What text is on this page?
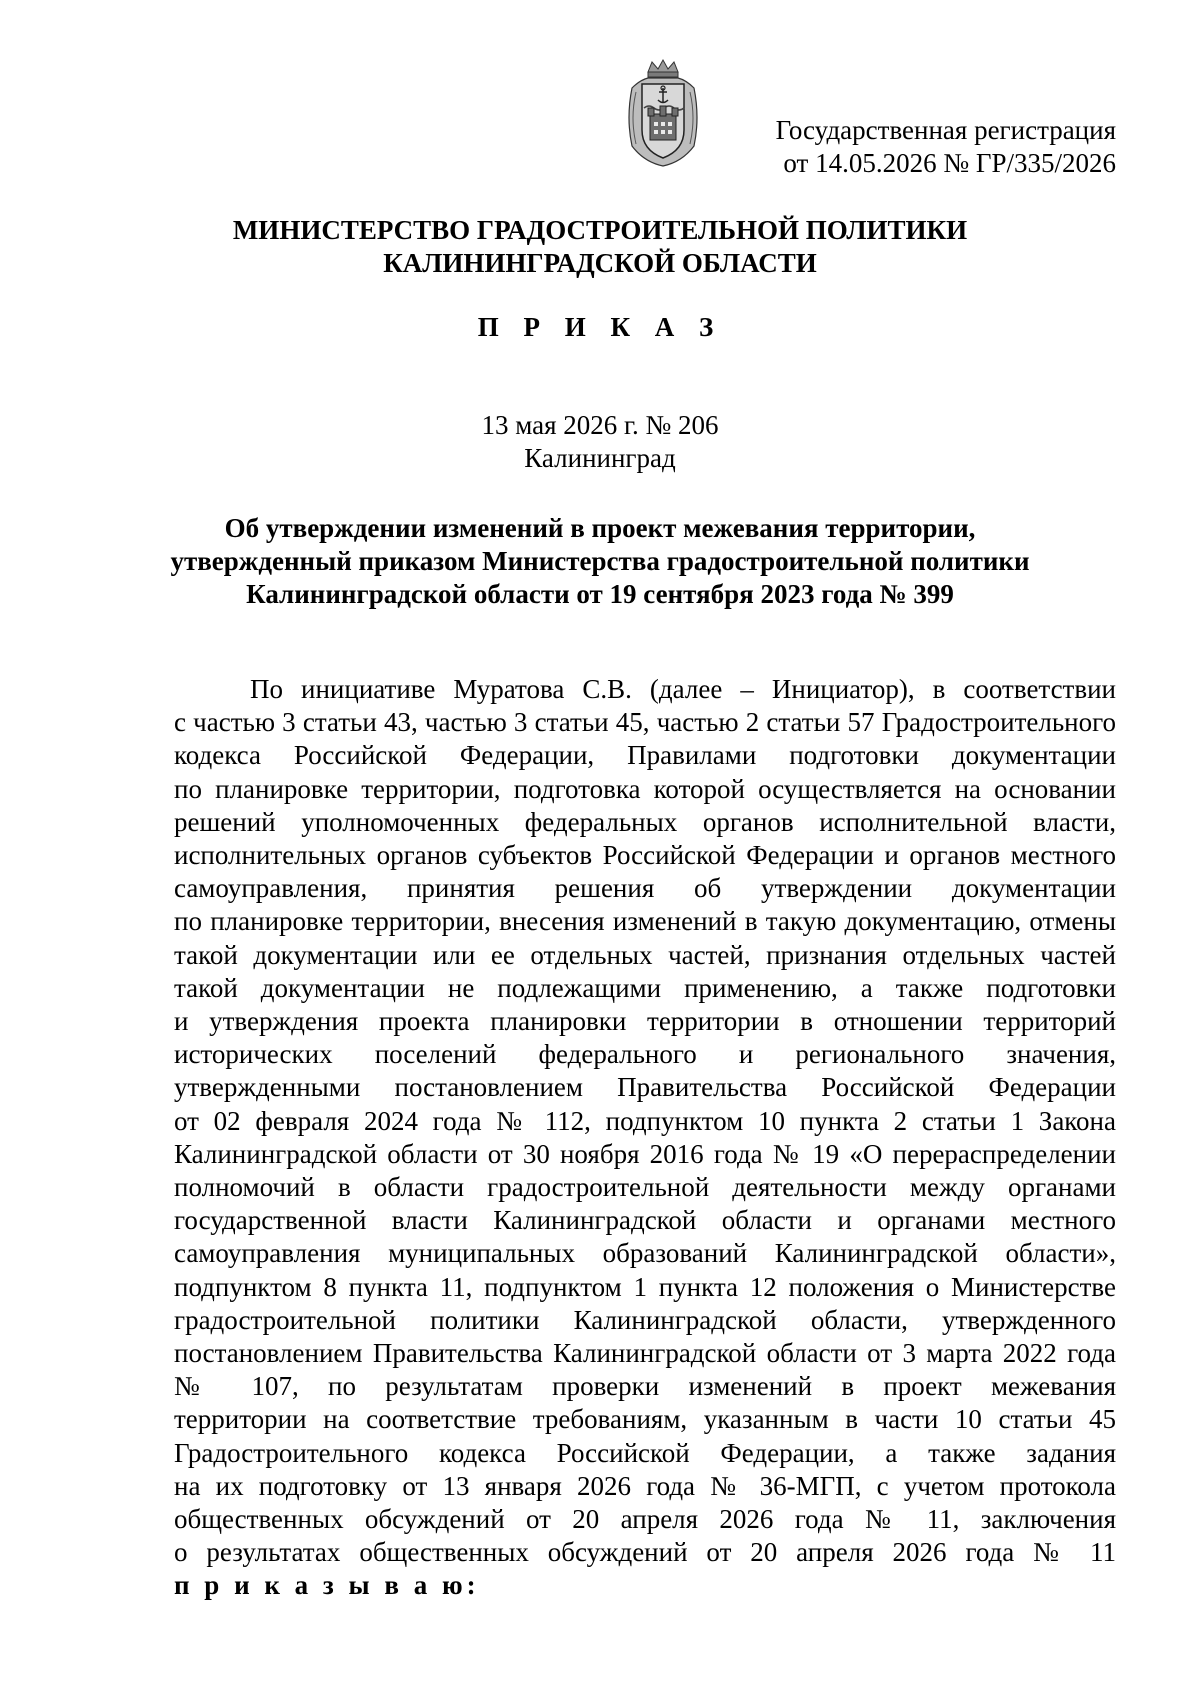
Государственная регистрация
от 14.05.2026 № ГР/335/2026
МИНИСТЕРСТВО ГРАДОСТРОИТЕЛЬНОЙ ПОЛИТИКИ
КАЛИНИНГРАДСКОЙ ОБЛАСТИ
П Р И К А З
13 мая 2026 г. № 206
Калининград
Об утверждении изменений в проект межевания территории,
утвержденный приказом Министерства градостроительной политики
Калининградской области от 19 сентября 2023 года № 399
По инициативе Муратова С.В. (далее – Инициатор), в соответствии
с частью 3 статьи 43, частью 3 статьи 45, частью 2 статьи 57 Градостроительного
кодекса Российской Федерации, Правилами подготовки документации
по планировке территории, подготовка которой осуществляется на основании
решений уполномоченных федеральных органов исполнительной власти,
исполнительных органов субъектов Российской Федерации и органов местного
самоуправления, принятия решения об утверждении документации
по планировке территории, внесения изменений в такую документацию, отмены
такой документации или ее отдельных частей, признания отдельных частей
такой документации не подлежащими применению, а также подготовки
и утверждения проекта планировки территории в отношении территорий
исторических поселений федерального и регионального значения,
утвержденными постановлением Правительства Российской Федерации
от 02 февраля 2024 года № 112, подпунктом 10 пункта 2 статьи 1 Закона
Калининградской области от 30 ноября 2016 года № 19 «О перераспределении
полномочий в области градостроительной деятельности между органами
государственной власти Калининградской области и органами местного
самоуправления муниципальных образований Калининградской области»,
подпунктом 8 пункта 11, подпунктом 1 пункта 12 положения о Министерстве
градостроительной политики Калининградской области, утвержденного
постановлением Правительства Калининградской области от 3 марта 2022 года
№ 107, по результатам проверки изменений в проект межевания
территории на соответствие требованиям, указанным в части 10 статьи 45
Градостроительного кодекса Российской Федерации, а также задания
на их подготовку от 13 января 2026 года № 36-МГП, с учетом протокола
общественных обсуждений от 20 апреля 2026 года № 11, заключения
о результатах общественных обсуждений от 20 апреля 2026 года № 11
п р и к а з ы в а ю:
